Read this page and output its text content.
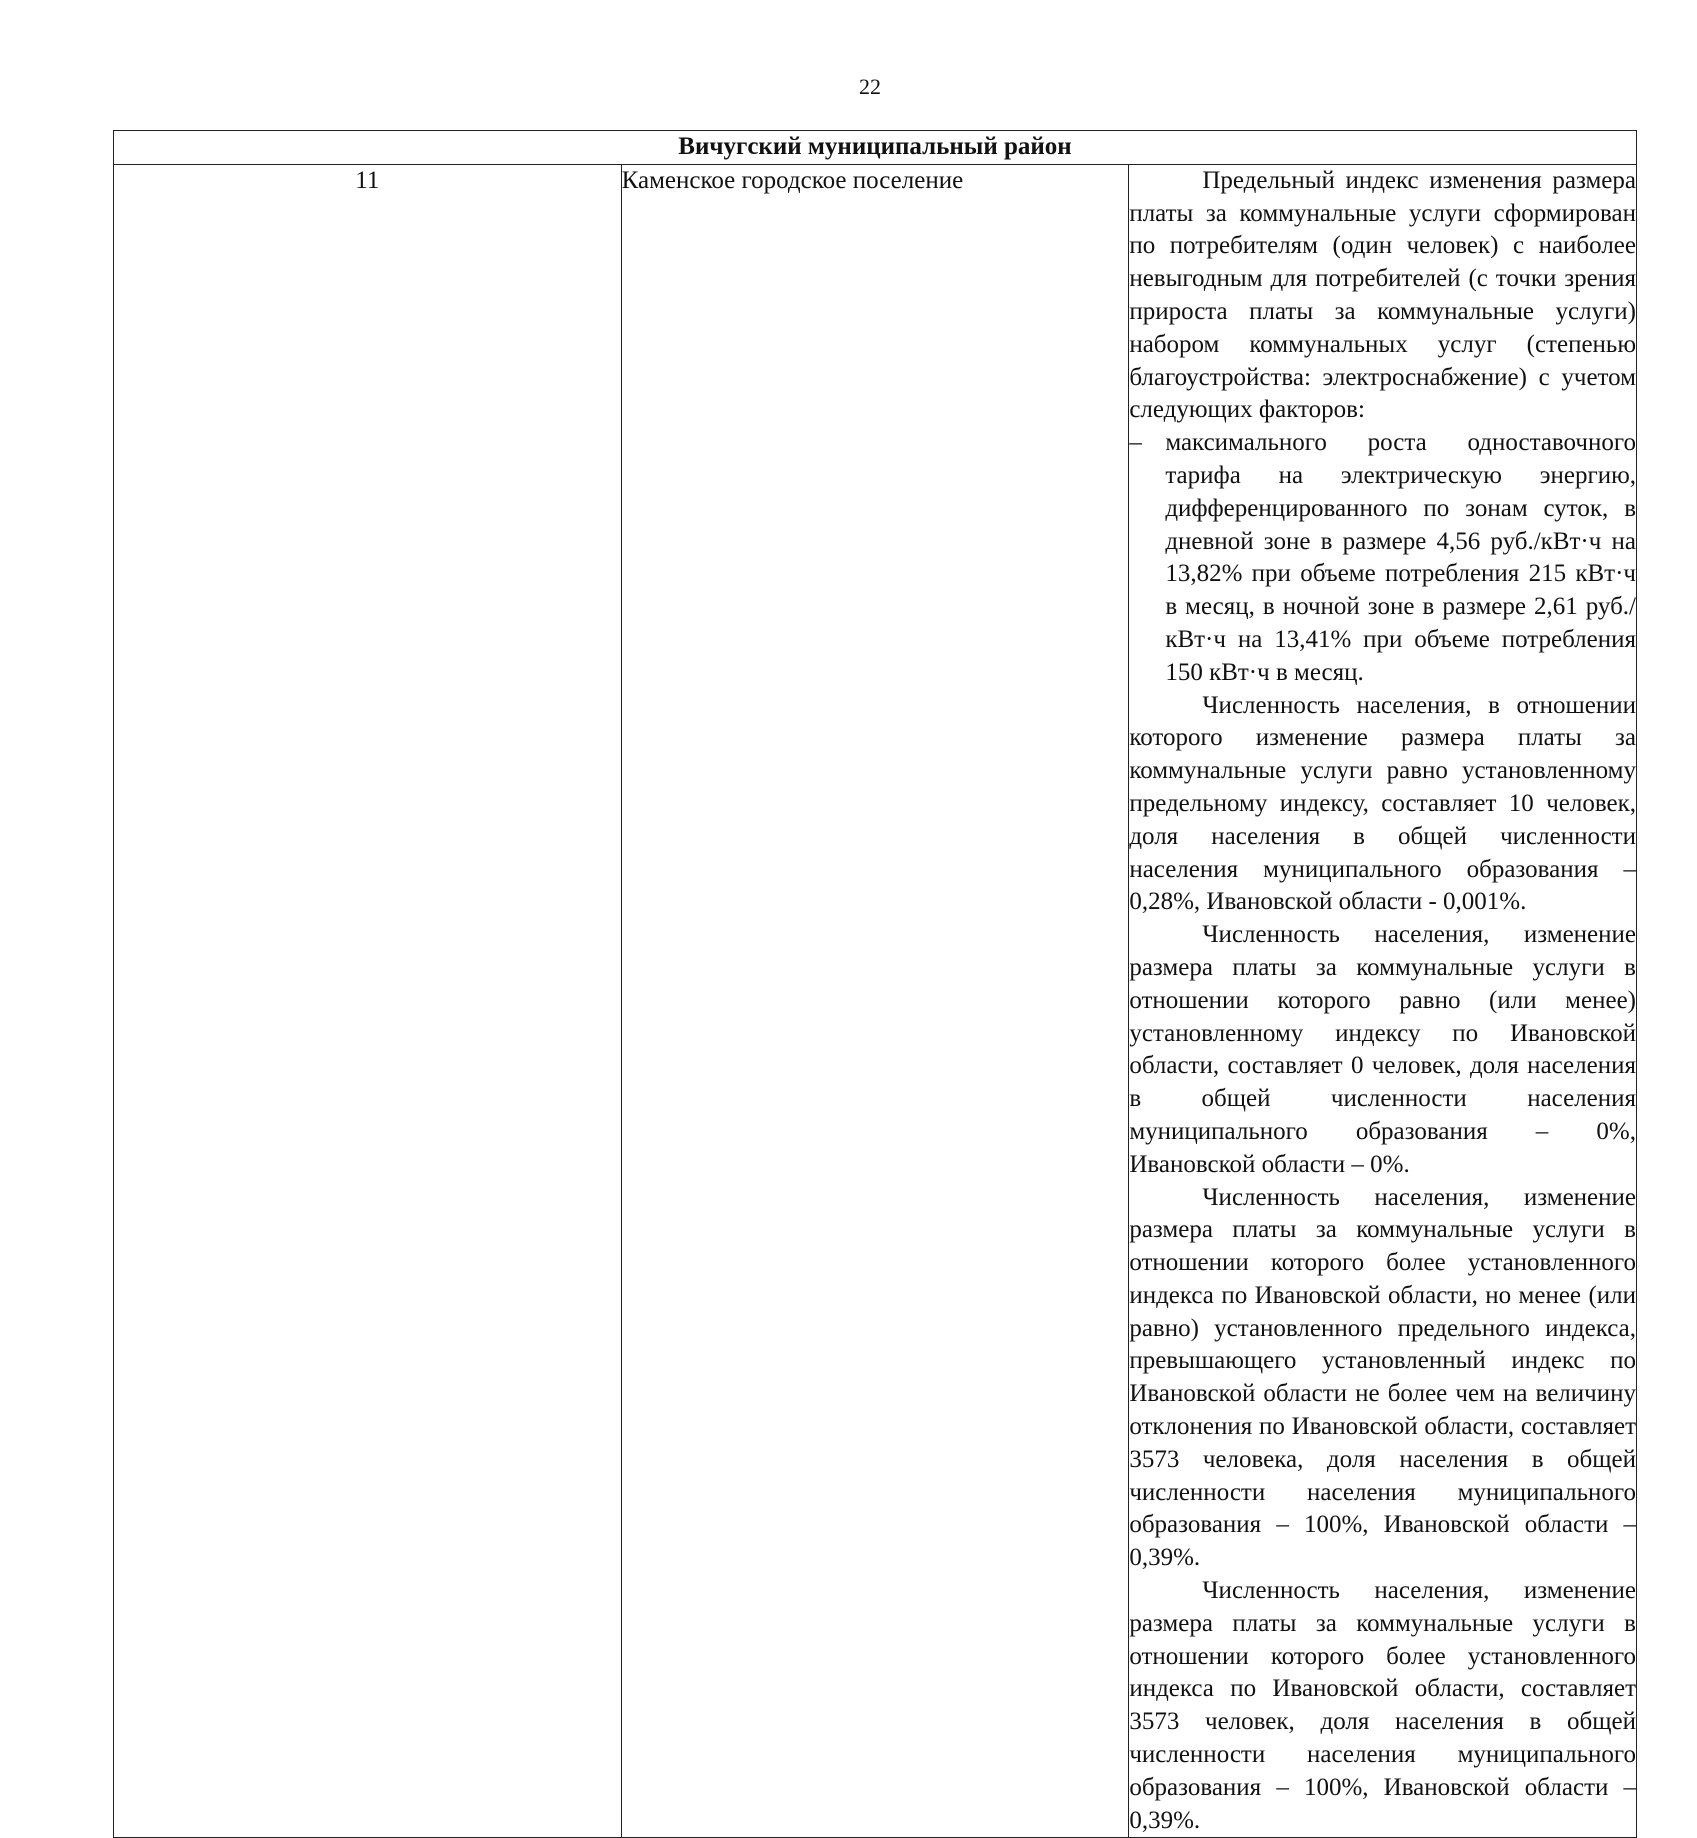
22
Вичугский муниципальный район
11	Каменское городское поселение	Предельный индекс изменения размера платы за коммунальные услуги сформирован по потребителям (один человек) с наиболее невыгодным для потребителей (с точки зрения прироста платы за коммунальные услуги) набором коммунальных услуг (степенью благоустройства: электроснабжение) с учетом следующих факторов:

– максимального роста одноставочного тарифа на электрическую энергию, дифференцированного по зонам суток, в дневной зоне в размере 4,56 руб./кВт·ч на 13,82% при объеме потребления 215 кВт·ч в месяц, в ночной зоне в размере 2,61 руб./кВт·ч на 13,41% при объеме потребления 150 кВт·ч в месяц.

Численность населения, в отношении которого изменение размера платы за коммунальные услуги равно установленному предельному индексу, составляет 10 человек, доля населения в общей численности населения муниципального образования – 0,28%, Ивановской области - 0,001%.

Численность населения, изменение размера платы за коммунальные услуги в отношении которого равно (или менее) установленному индексу по Ивановской области, составляет 0 человек, доля населения в общей численности населения муниципального образования – 0%, Ивановской области – 0%.

Численность населения, изменение размера платы за коммунальные услуги в отношении которого более установленного индекса по Ивановской области, но менее (или равно) установленного предельного индекса, превышающего установленный индекс по Ивановской области не более чем на величину отклонения по Ивановской области, составляет 3573 человека, доля населения в общей численности населения муниципального образования – 100%, Ивановской области – 0,39%.

Численность населения, изменение размера платы за коммунальные услуги в отношении которого более установленного индекса по Ивановской области, составляет 3573 человек, доля населения в общей численности населения муниципального образования – 100%, Ивановской области – 0,39%.
